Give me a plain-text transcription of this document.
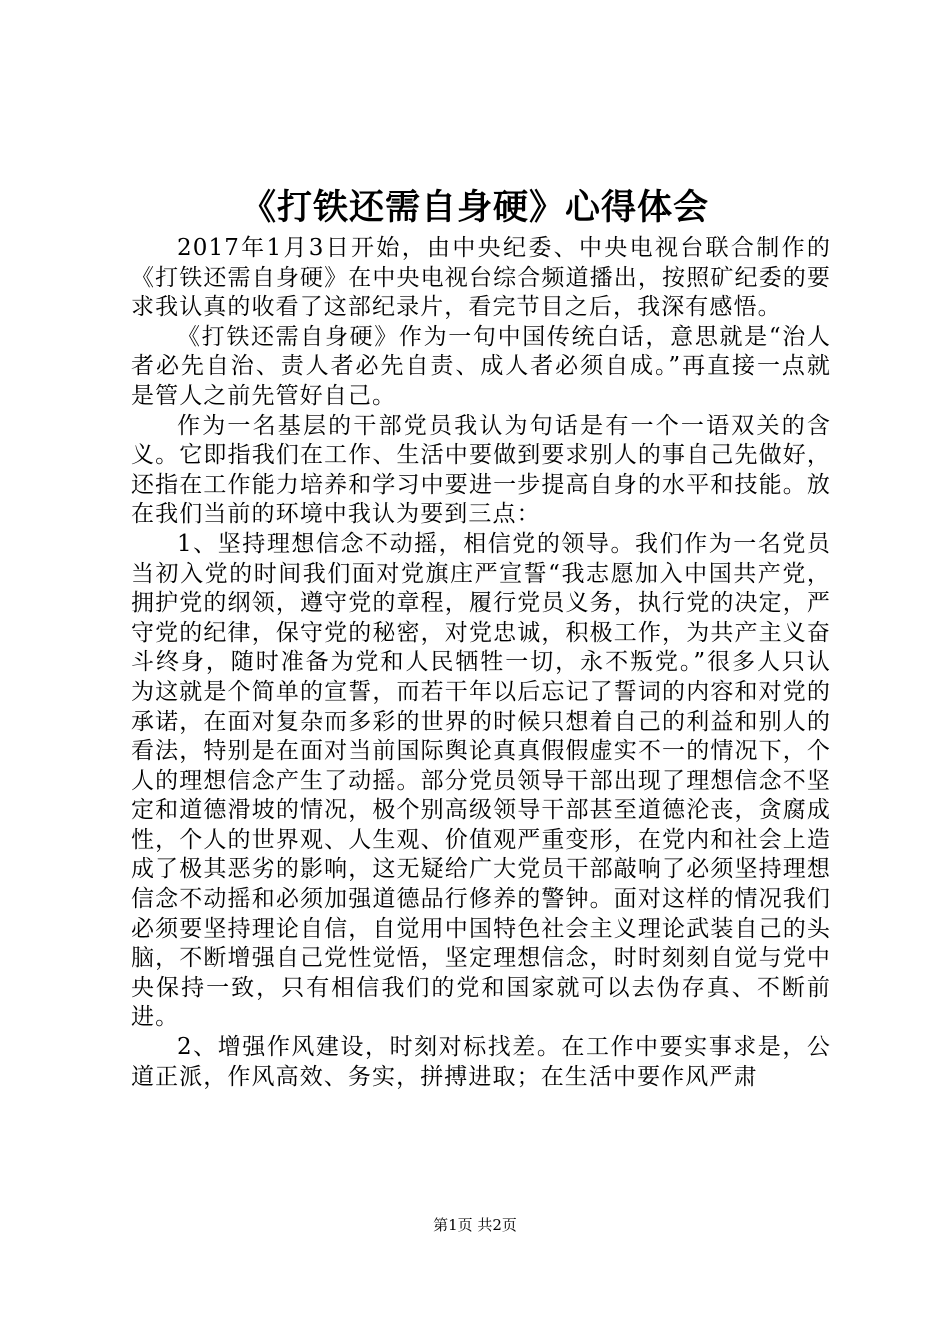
《打铁还需自身硬》心得体会

2017年1月3日开始，由中央纪委、中央电视台联合制作的《打铁还需自身硬》在中央电视台综合频道播出，按照矿纪委的要求我认真的收看了这部纪录片，看完节目之后，我深有感悟。

《打铁还需自身硬》作为一句中国传统白话，意思就是“治人者必先自治、责人者必先自责、成人者必须自成。”再直接一点就是管人之前先管好自己。

作为一名基层的干部党员我认为句话是有一个一语双关的含义。它即指我们在工作、生活中要做到要求别人的事自己先做好，还指在工作能力培养和学习中要进一步提高自身的水平和技能。放在我们当前的环境中我认为要到三点：

1、坚持理想信念不动摇，相信党的领导。我们作为一名党员当初入党的时间我们面对党旗庄严宣誓“我志愿加入中国共产党，拥护党的纲领，遵守党的章程，履行党员义务，执行党的决定，严守党的纪律，保守党的秘密，对党忠诚，积极工作，为共产主义奋斗终身，随时准备为党和人民牺牲一切，永不叛党。”很多人只认为这就是个简单的宣誓，而若干年以后忘记了誓词的内容和对党的承诺，在面对复杂而多彩的世界的时候只想着自己的利益和别人的看法，特别是在面对当前国际舆论真真假假虚实不一的情况下，个人的理想信念产生了动摇。部分党员领导干部出现了理想信念不坚定和道德滑坡的情况，极个别高级领导干部甚至道德沦丧，贪腐成性，个人的世界观、人生观、价值观严重变形，在党内和社会上造成了极其恶劣的影响，这无疑给广大党员干部敲响了必须坚持理想信念不动摇和必须加强道德品行修养的警钟。面对这样的情况我们必须要坚持理论自信，自觉用中国特色社会主义理论武装自己的头脑，不断增强自己党性觉悟，坚定理想信念，时时刻刻自觉与党中央保持一致，只有相信我们的党和国家就可以去伪存真、不断前进。

2、增强作风建设，时刻对标找差。在工作中要实事求是，公道正派，作风高效、务实，拼搏进取；在生活中要作风严肃

第1页 共2页
